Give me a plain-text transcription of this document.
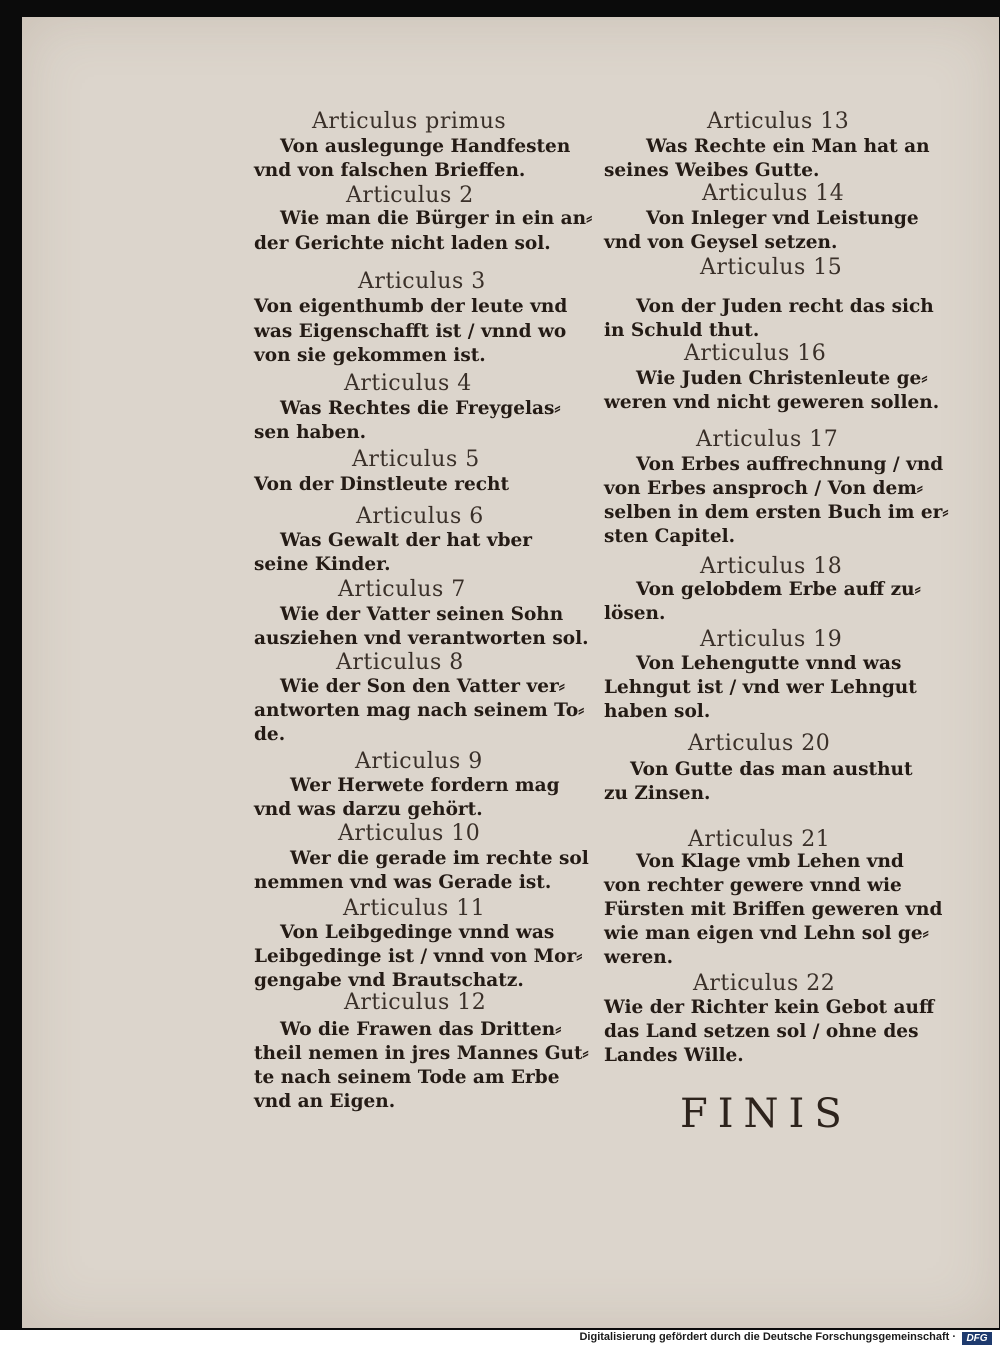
Articulus primus
Von auslegunge Handfesten
vnd von falschen Brieffen.
Articulus 2
Wie man die Bürger in ein an⸗
der Gerichte nicht laden sol.
Articulus 3
Von eigenthumb der leute vnd
was Eigenschafft ist / vnnd wo
von sie gekommen ist.
Articulus 4
Was Rechtes die Freygelas⸗
sen haben.
Articulus 5
Von der Dinstleute recht
Articulus 6
Was Gewalt der hat vber
seine Kinder.
Articulus 7
Wie der Vatter seinen Sohn
ausziehen vnd verantworten sol.
Articulus 8
Wie der Son den Vatter ver⸗
antworten mag nach seinem To⸗
de.
Articulus 9
Wer Herwete fordern mag
vnd was darzu gehört.
Articulus 10
Wer die gerade im rechte sol
nemmen vnd was Gerade ist.
Articulus 11
Von Leibgedinge vnnd was
Leibgedinge ist / vnnd von Mor⸗
gengabe vnd Brautschatz.
Articulus 12
Wo die Frawen das Dritten⸗
theil nemen in jres Mannes Gut⸗
te nach seinem Tode am Erbe
vnd an Eigen.
Articulus 13
Was Rechte ein Man hat an
seines Weibes Gutte.
Articulus 14
Von Inleger vnd Leistunge
vnd von Geysel setzen.
Articulus 15
Von der Juden recht das sich
in Schuld thut.
Articulus 16
Wie Juden Christenleute ge⸗
weren vnd nicht geweren sollen.
Articulus 17
Von Erbes auffrechnung / vnd
von Erbes ansproch / Von dem⸗
selben in dem ersten Buch im er⸗
sten Capitel.
Articulus 18
Von gelobdem Erbe auff zu⸗
lösen.
Articulus 19
Von Lehengutte vnnd was
Lehngut ist / vnd wer Lehngut
haben sol.
Articulus 20
Von Gutte das man austhut
zu Zinsen.
Articulus 21
Von Klage vmb Lehen vnd
von rechter gewere vnnd wie
Fürsten mit Briffen geweren vnd
wie man eigen vnd Lehn sol ge⸗
weren.
Articulus 22
Wie der Richter kein Gebot auff
das Land setzen sol / ohne des
Landes Wille.
FINIS
Digitalisierung gefördert durch die Deutsche Forschungsgemeinschaft ·	DFG
